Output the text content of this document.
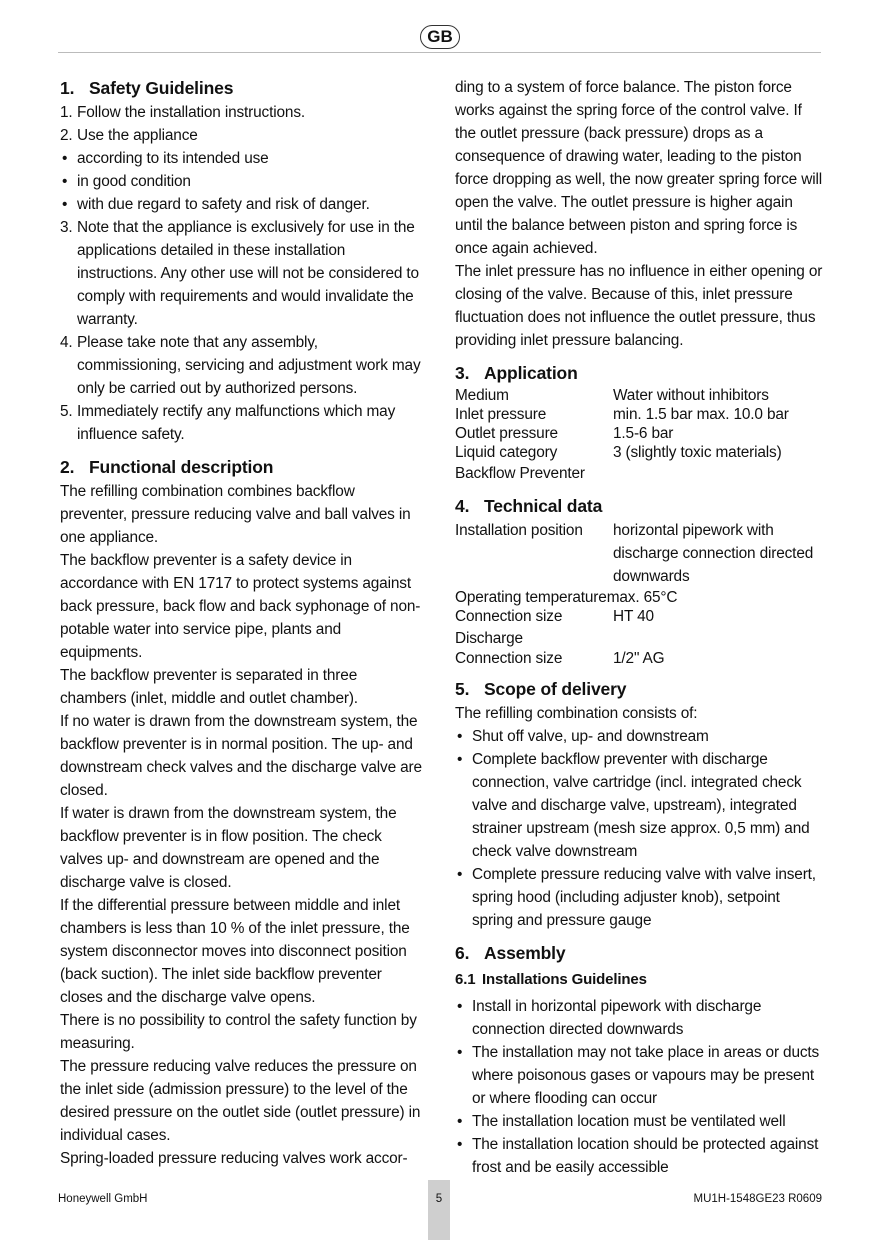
GB
1. Safety Guidelines
1. Follow the installation instructions.
2. Use the appliance
• according to its intended use
• in good condition
• with due regard to safety and risk of danger.
3. Note that the appliance is exclusively for use in the applications detailed in these installation instructions. Any other use will not be considered to comply with requirements and would invalidate the warranty.
4. Please take note that any assembly, commissioning, servicing and adjustment work may only be carried out by authorized persons.
5. Immediately rectify any malfunctions which may influence safety.
2. Functional description

The refilling combination combines backflow preventer, pressure reducing valve and ball valves in one appliance.

The backflow preventer is a safety device in accordance with EN 1717 to protect systems against back pressure, back flow and back syphonage of non-potable water into service pipe, plants and equipments.

The backflow preventer is separated in three chambers (inlet, middle and outlet chamber).

If no water is drawn from the downstream system, the backflow preventer is in normal position. The up- and downstream check valves and the discharge valve are closed.

If water is drawn from the downstream system, the backflow preventer is in flow position. The check valves up- and downstream are opened and the discharge valve is closed.

If the differential pressure between middle and inlet chambers is less than 10 % of the inlet pressure, the system disconnector moves into disconnect position (back suction). The inlet side backflow preventer closes and the discharge valve opens.

There is no possibility to control the safety function by measuring.

The pressure reducing valve reduces the pressure on the inlet side (admission pressure) to the level of the desired pressure on the outlet side (outlet pressure) in individual cases.

Spring-loaded pressure reducing valves work accor-

ding to a system of force balance. The piston force works against the spring force of the control valve. If the outlet pressure (back pressure) drops as a consequence of drawing water, leading to the piston force dropping as well, the now greater spring force will open the valve. The outlet pressure is higher again until the balance between piston and spring force is once again achieved.

The inlet pressure has no influence in either opening or closing of the valve. Because of this, inlet pressure fluctuation does not influence the outlet pressure, thus providing inlet pressure balancing.

3. Application
Medium	Water without inhibitors
Inlet pressure	min. 1.5 bar max. 10.0 bar
Outlet pressure	1.5-6 bar
Liquid category	3 (slightly toxic materials)

Backflow Preventer

4. Technical data
Installation position	horizontal pipework with discharge connection directed downwards
Operating temperature max. 65°C
Connection size	HT 40

Discharge

Connection size	1/2" AG
5. Scope of delivery

The refilling combination consists of:

• Shut off valve, up- and downstream
• Complete backflow preventer with discharge connection, valve cartridge (incl. integrated check valve and discharge valve, upstream), integrated strainer upstream (mesh size approx. 0,5 mm) and check valve downstream
• Complete pressure reducing valve with valve insert, spring hood (including adjuster knob), setpoint spring and pressure gauge
6. Assembly
6.1 Installations Guidelines
• Install in horizontal pipework with discharge connection directed downwards
• The installation may not take place in areas or ducts where poisonous gases or vapours may be present or where flooding can occur
• The installation location must be ventilated well
• The installation location should be protected against frost and be easily accessible
Honeywell GmbH	5	MU1H-1548GE23 R0609
